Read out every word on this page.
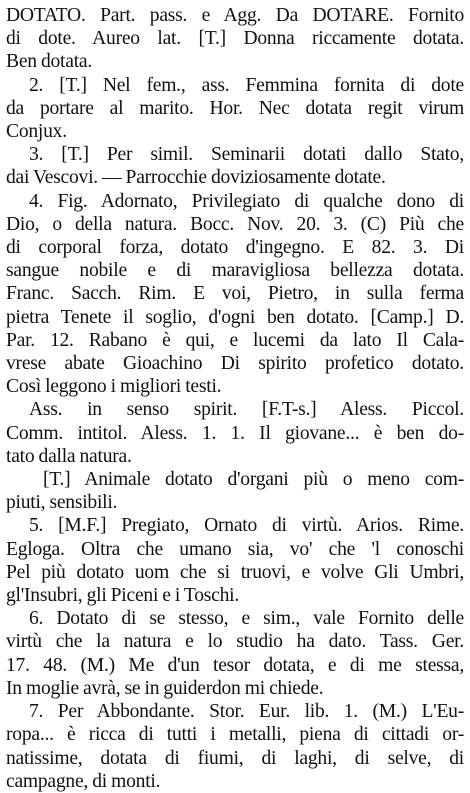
DOTATO. Part. pass. e Agg. Da DOTARE. Fornito
di dote. Aureo lat. [T.] Donna riccamente dotata.
Ben dotata.
2. [T.] Nel fem., ass. Femmina fornita di dote
da portare al marito. Hor. Nec dotata regit virum
Conjux.
3. [T.] Per simil. Seminarii dotati dallo Stato,
dai Vescovi. — Parrocchie doviziosamente dotate.
4. Fig. Adornato, Privilegiato di qualche dono di
Dio, o della natura. Bocc. Nov. 20. 3. (C) Più che
di corporal forza, dotato d'ingegno. E 82. 3. Di
sangue nobile e di maravigliosa bellezza dotata.
Franc. Sacch. Rim. E voi, Pietro, in sulla ferma
pietra Tenete il soglio, d'ogni ben dotato. [Camp.] D.
Par. 12. Rabano è qui, e lucemi da lato Il Cala-
vrese abate Gioachino Di spirito profetico dotato.
Così leggono i migliori testi.
Ass. in senso spirit. [F.T-s.] Aless. Piccol.
Comm. intitol. Aless. 1. 1. Il giovane... è ben do-
tato dalla natura.
[T.] Animale dotato d'organi più o meno com-
piuti, sensibili.
5. [M.F.] Pregiato, Ornato di virtù. Arios. Rime.
Egloga. Oltra che umano sia, vo' che 'l conoschi
Pel più dotato uom che si truovi, e volve Gli Umbri,
gl'Insubri, gli Piceni e i Toschi.
6. Dotato di se stesso, e sim., vale Fornito delle
virtù che la natura e lo studio ha dato. Tass. Ger.
17. 48. (M.) Me d'un tesor dotata, e di me stessa,
In moglie avrà, se in guiderdon mi chiede.
7. Per Abbondante. Stor. Eur. lib. 1. (M.) L'Eu-
ropa... è ricca di tutti i metalli, piena di cittadi or-
natissime, dotata di fiumi, di laghi, di selve, di
campagne, di monti.
